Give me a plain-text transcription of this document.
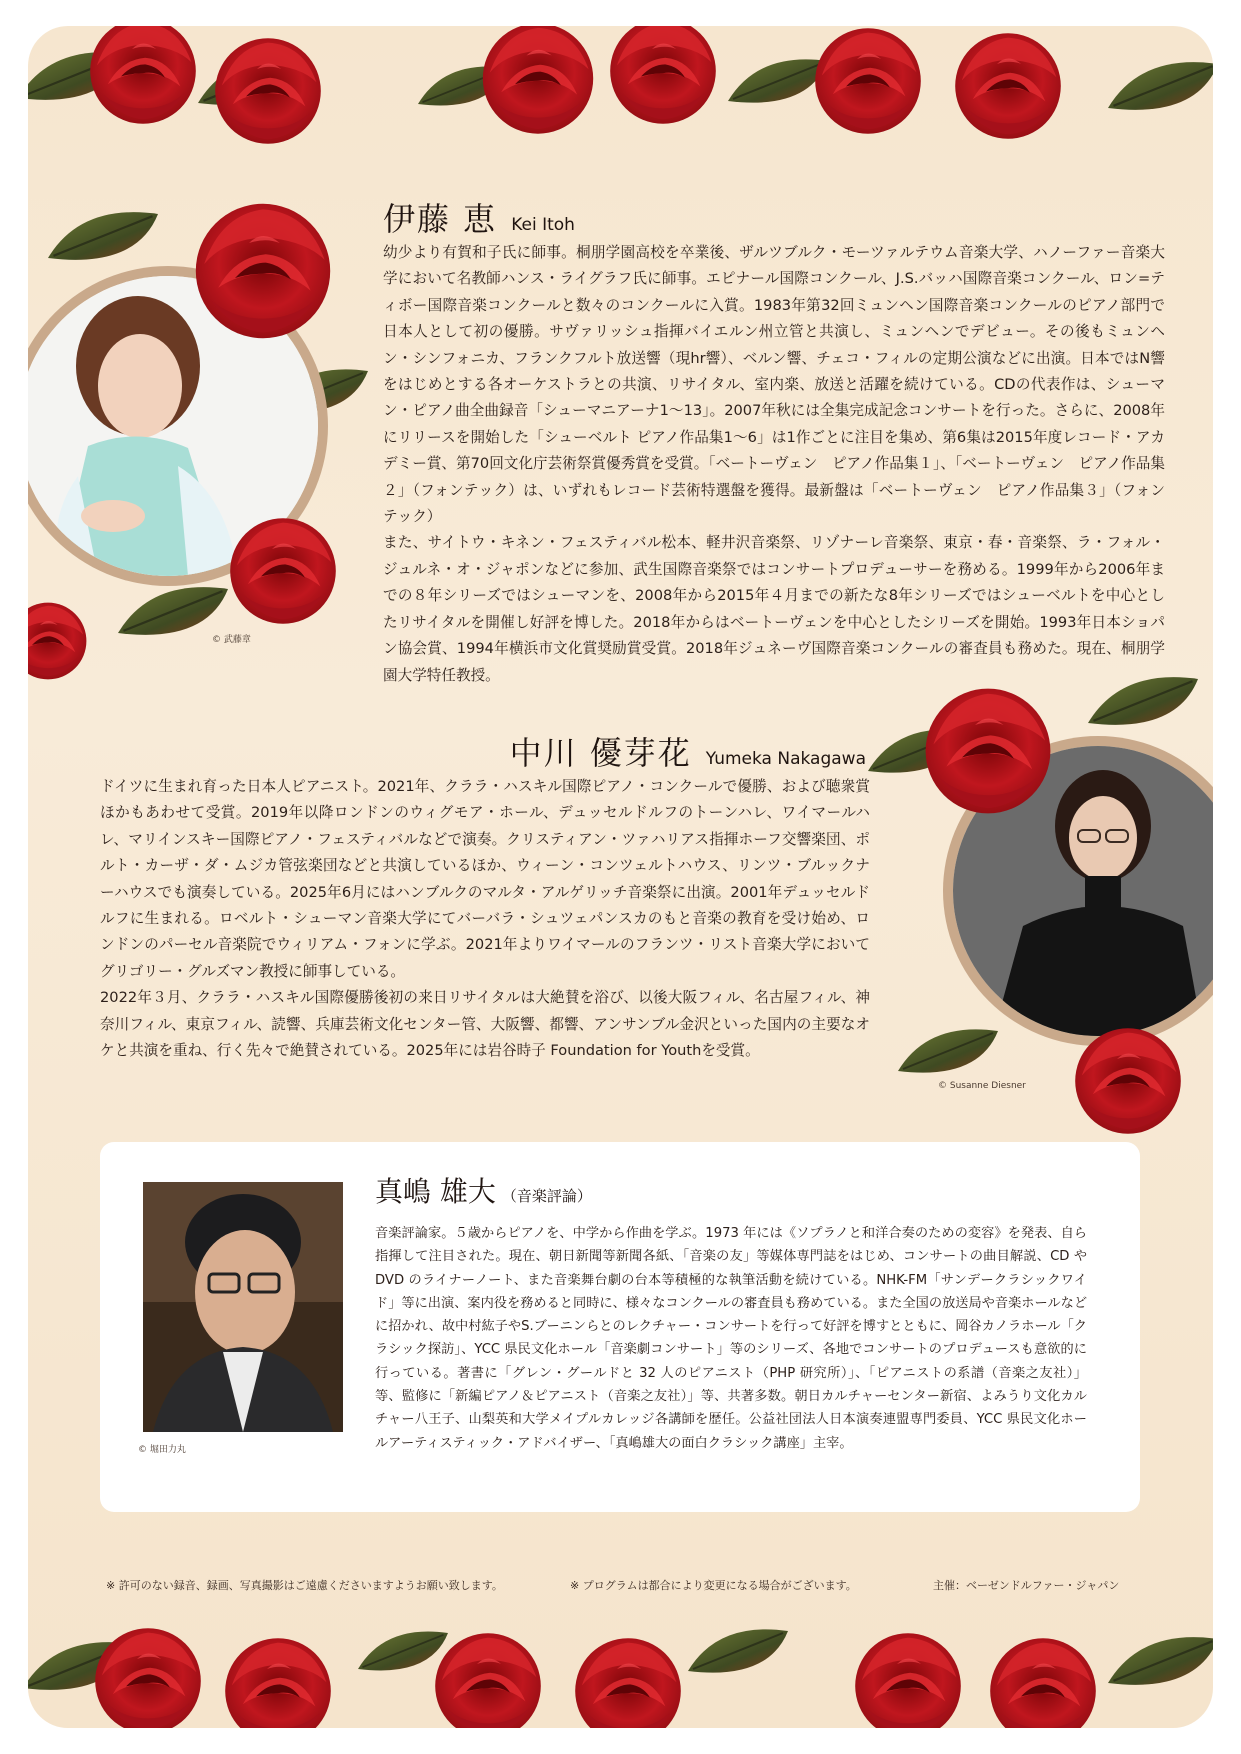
© 武藤章
伊藤 恵 Kei Itoh

幼少より有賀和子氏に師事。桐朋学園高校を卒業後、ザルツブルク・モーツァルテウム音楽大学、ハノーファー音楽大学において名教師ハンス・ライグラフ氏に師事。エピナール国際コンクール、J.S.バッハ国際音楽コンクール、ロン=ティボー国際音楽コンクールと数々のコンクールに入賞。1983年第32回ミュンヘン国際音楽コンクールのピアノ部門で日本人として初の優勝。サヴァリッシュ指揮バイエルン州立管と共演し、ミュンヘンでデビュー。その後もミュンヘン・シンフォニカ、フランクフルト放送響（現hr響）、ベルン響、チェコ・フィルの定期公演などに出演。日本ではN響をはじめとする各オーケストラとの共演、リサイタル、室内楽、放送と活躍を続けている。CDの代表作は、シューマン・ピアノ曲全曲録音「シューマニアーナ1〜13」。2007年秋には全集完成記念コンサートを行った。さらに、2008年にリリースを開始した「シューベルト ピアノ作品集1〜6」は1作ごとに注目を集め、第6集は2015年度レコード・アカデミー賞、第70回文化庁芸術祭賞優秀賞を受賞。「ベートーヴェン　ピアノ作品集１」、「ベートーヴェン　ピアノ作品集２」（フォンテック）は、いずれもレコード芸術特選盤を獲得。最新盤は「ベートーヴェン　ピアノ作品集３」（フォンテック）

また、サイトウ・キネン・フェスティバル松本、軽井沢音楽祭、リゾナーレ音楽祭、東京・春・音楽祭、ラ・フォル・ジュルネ・オ・ジャポンなどに参加、武生国際音楽祭ではコンサートプロデューサーを務める。1999年から2006年までの８年シリーズではシューマンを、2008年から2015年４月までの新たな8年シリーズではシューベルトを中心としたリサイタルを開催し好評を博した。2018年からはベートーヴェンを中心としたシリーズを開始。1993年日本ショパン協会賞、1994年横浜市文化賞奨励賞受賞。2018年ジュネーヴ国際音楽コンクールの審査員も務めた。現在、桐朋学園大学特任教授。

© Susanne Diesner
中川 優芽花 Yumeka Nakagawa

ドイツに生まれ育った日本人ピアニスト。2021年、クララ・ハスキル国際ピアノ・コンクールで優勝、および聴衆賞ほかもあわせて受賞。2019年以降ロンドンのウィグモア・ホール、デュッセルドルフのトーンハレ、ワイマールハレ、マリインスキー国際ピアノ・フェスティバルなどで演奏。クリスティアン・ツァハリアス指揮ホーフ交響楽団、ポルト・カーザ・ダ・ムジカ管弦楽団などと共演しているほか、ウィーン・コンツェルトハウス、リンツ・ブルックナーハウスでも演奏している。2025年6月にはハンブルクのマルタ・アルゲリッチ音楽祭に出演。2001年デュッセルドルフに生まれる。ロベルト・シューマン音楽大学にてバーバラ・シュツェパンスカのもと音楽の教育を受け始め、ロンドンのパーセル音楽院でウィリアム・フォンに学ぶ。2021年よりワイマールのフランツ・リスト音楽大学においてグリゴリー・グルズマン教授に師事している。

2022年３月、クララ・ハスキル国際優勝後初の来日リサイタルは大絶賛を浴び、以後大阪フィル、名古屋フィル、神奈川フィル、東京フィル、読響、兵庫芸術文化センター管、大阪響、都響、アンサンブル金沢といった国内の主要なオケと共演を重ね、行く先々で絶賛されている。2025年には岩谷時子 Foundation for Youthを受賞。

© 堀田力丸
真嶋 雄大 （音楽評論）
音楽評論家。５歳からピアノを、中学から作曲を学ぶ。1973 年には《ソプラノと和洋合奏のための変容》を発表、自ら指揮して注目された。現在、朝日新聞等新聞各紙、「音楽の友」等媒体専門誌をはじめ、コンサートの曲目解説、CD や DVD のライナーノート、また音楽舞台劇の台本等積極的な執筆活動を続けている。NHK-FM「サンデークラシックワイド」等に出演、案内役を務めると同時に、様々なコンクールの審査員も務めている。また全国の放送局や音楽ホールなどに招かれ、故中村紘子やS.ブーニンらとのレクチャー・コンサートを行って好評を博すとともに、岡谷カノラホール「クラシック探訪」、YCC 県民文化ホール「音楽劇コンサート」等のシリーズ、各地でコンサートのプロデュースも意欲的に行っている。著書に「グレン・グールドと 32 人のピアニスト（PHP 研究所）」、「ピアニストの系譜（音楽之友社）」等、監修に「新編ピアノ＆ピアニスト（音楽之友社）」等、共著多数。朝日カルチャーセンター新宿、よみうり文化カルチャー八王子、山梨英和大学メイプルカレッジ各講師を歴任。公益社団法人日本演奏連盟専門委員、YCC 県民文化ホールアーティスティック・アドバイザー、「真嶋雄大の面白クラシック講座」主宰。
※ 許可のない録音、録画、写真撮影はご遠慮くださいますようお願い致します。	※ プログラムは都合により変更になる場合がございます。	主催：ベーゼンドルファー・ジャパン
